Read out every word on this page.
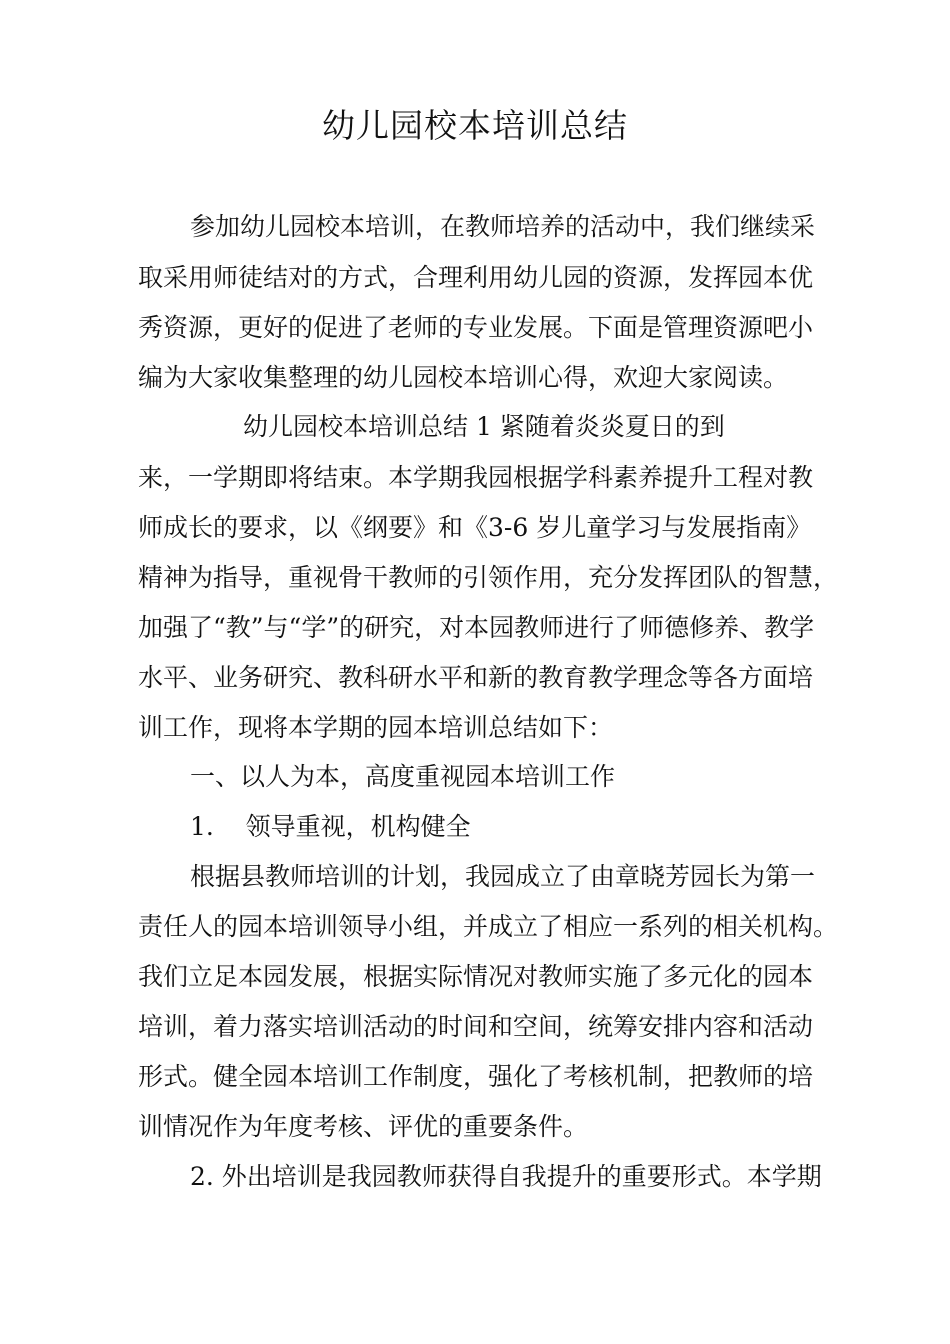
幼儿园校本培训总结

参加幼儿园校本培训，在教师培养的活动中，我们继续采

取采用师徒结对的方式，合理利用幼儿园的资源，发挥园本优

秀资源，更好的促进了老师的专业发展。下面是管理资源吧小

编为大家收集整理的幼儿园校本培训心得，欢迎大家阅读。

幼儿园校本培训总结 1 紧随着炎炎夏日的到

来，一学期即将结束。本学期我园根据学科素养提升工程对教

师成长的要求，以《纲要》和《3-6 岁儿童学习与发展指南》

精神为指导，重视骨干教师的引领作用，充分发挥团队的智慧，

加强了“教”与“学”的研究，对本园教师进行了师德修养、教学

水平、业务研究、教科研水平和新的教育教学理念等各方面培

训工作，现将本学期的园本培训总结如下：

一、以人为本，高度重视园本培训工作

1.    领导重视，机构健全

根据县教师培训的计划，我园成立了由章晓芳园长为第一

责任人的园本培训领导小组，并成立了相应一系列的相关机构。

我们立足本园发展，根据实际情况对教师实施了多元化的园本

培训，着力落实培训活动的时间和空间，统筹安排内容和活动

形式。健全园本培训工作制度，强化了考核机制，把教师的培

训情况作为年度考核、评优的重要条件。

2. 外出培训是我园教师获得自我提升的重要形式。本学期
